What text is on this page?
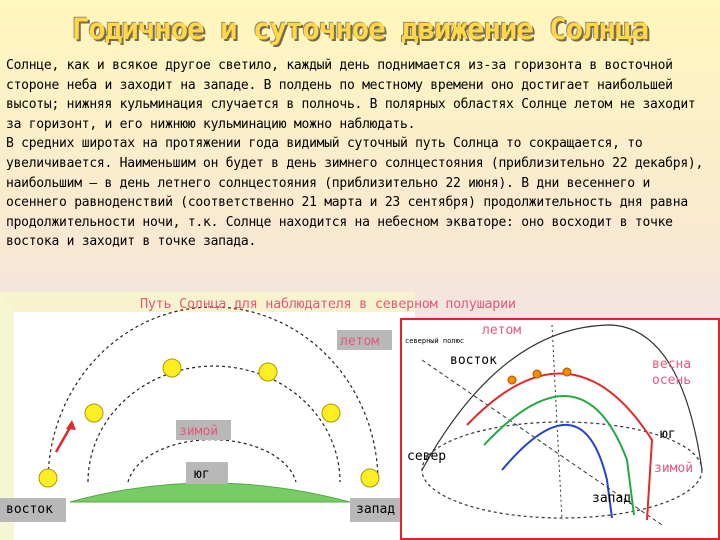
Годичное и суточное движение Солнца

Солнце, как и всякое другое светило, каждый день поднимается из-за горизонта в восточной стороне неба и заходит на западе. В полдень по местному времени оно достигает наибольшей высоты; нижняя кульминация случается в полночь. В полярных областях Солнце летом не заходит за горизонт, и его нижнюю кульминацию можно наблюдать.

В средних широтах на протяжении года видимый суточный путь Солнца то сокращается, то увеличивается. Наименьшим он будет в день зимнего солнцестояния (приблизительно 22 декабря), наибольшим – в день летнего солнцестояния (приблизительно 22 июня). В дни весеннего и осеннего равноденствий (соответственно 21 марта и 23 сентября) продолжительность дня равна продолжительности ночи, т.к. Солнце находится на небесном экваторе: оно восходит в точке востока и заходит в точке запада.

летом
зимой
юг
восток	запад
Путь Солнца для наблюдателя в северном полушарии
северный полюс
летом
восток	весна
осень
юг
север
зимой
запад
